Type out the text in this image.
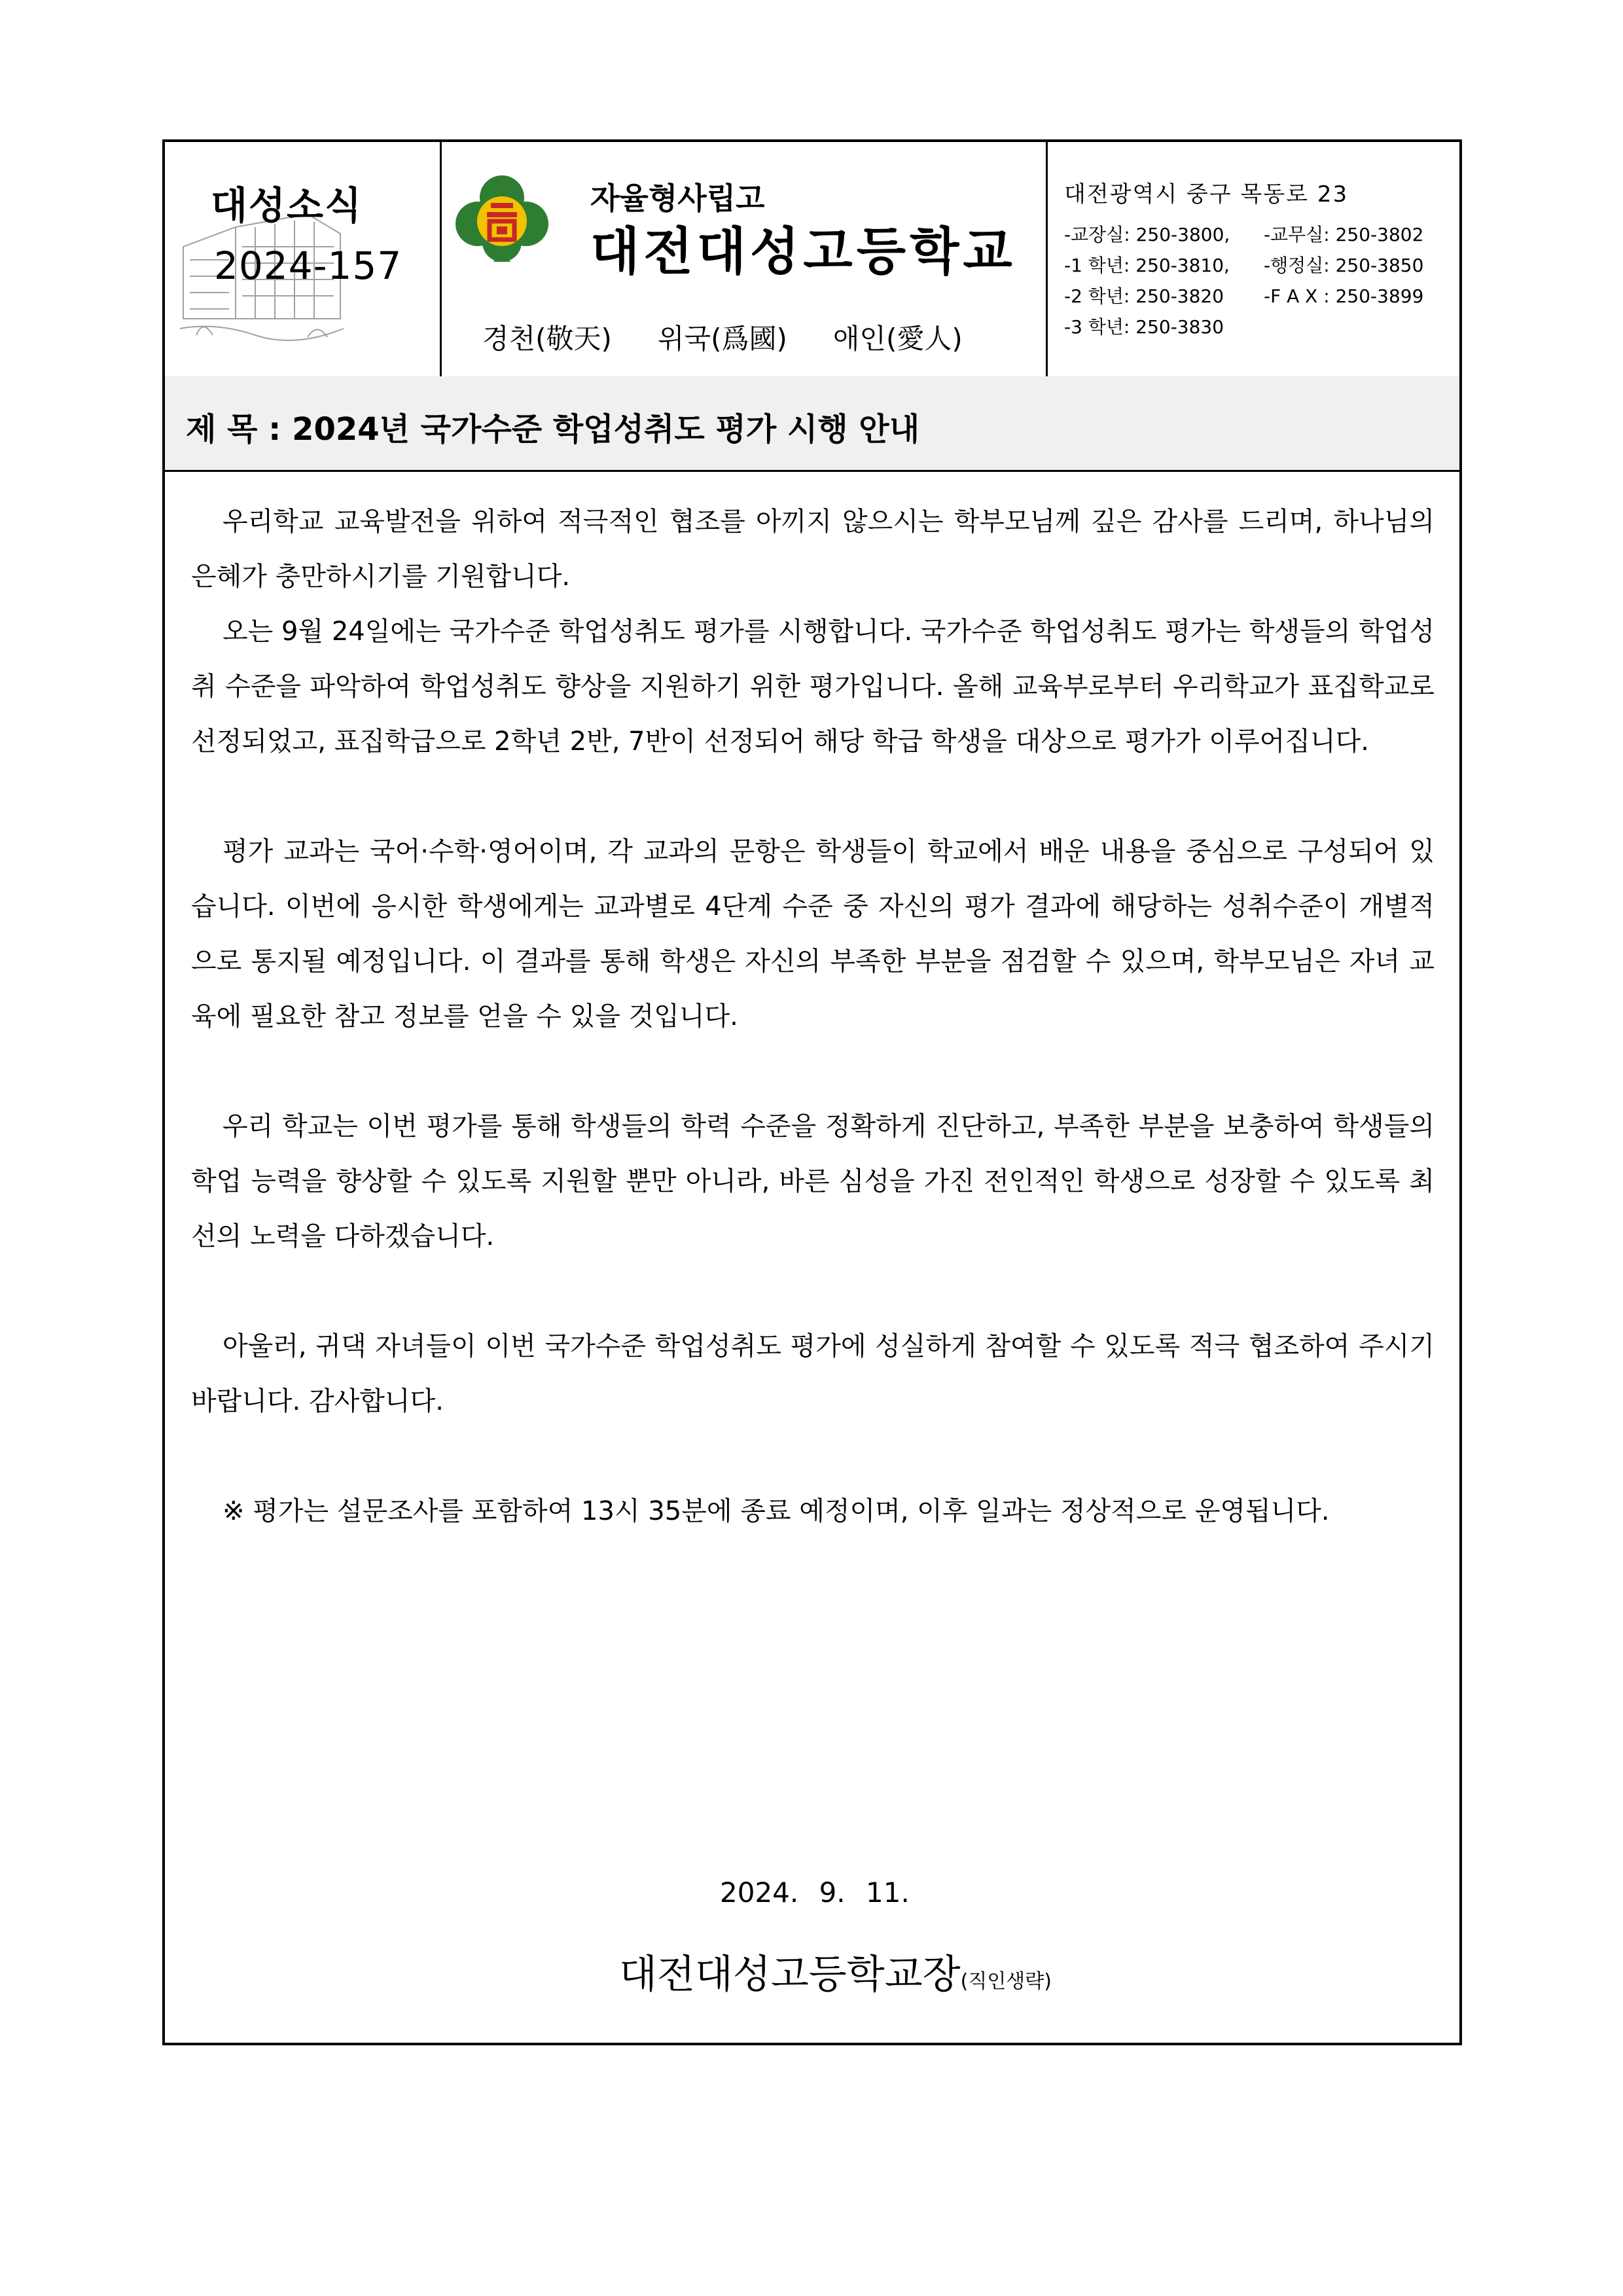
대성소식
2024-157
자율형사립고
대전대성고등학교
경천(敬天) 위국(爲國) 애인(愛人)
대전광역시 중구 목동로 23
-교장실: 250-3800, -교무실: 250-3802
-1 학년: 250-3810, -행정실: 250-3850
-2 학년: 250-3820 -F A X : 250-3899
-3 학년: 250-3830
제 목 : 2024년 국가수준 학업성취도 평가 시행 안내

우리학교 교육발전을 위하여 적극적인 협조를 아끼지 않으시는 학부모님께 깊은 감사를 드리며, 하나님의 은혜가 충만하시기를 기원합니다.

오는 9월 24일에는 국가수준 학업성취도 평가를 시행합니다. 국가수준 학업성취도 평가는 학생들의 학업성취 수준을 파악하여 학업성취도 향상을 지원하기 위한 평가입니다. 올해 교육부로부터 우리학교가 표집학교로 선정되었고, 표집학급으로 2학년 2반, 7반이 선정되어 해당 학급 학생을 대상으로 평가가 이루어집니다.

평가 교과는 국어·수학·영어이며, 각 교과의 문항은 학생들이 학교에서 배운 내용을 중심으로 구성되어 있습니다. 이번에 응시한 학생에게는 교과별로 4단계 수준 중 자신의 평가 결과에 해당하는 성취수준이 개별적으로 통지될 예정입니다. 이 결과를 통해 학생은 자신의 부족한 부분을 점검할 수 있으며, 학부모님은 자녀 교육에 필요한 참고 정보를 얻을 수 있을 것입니다.

우리 학교는 이번 평가를 통해 학생들의 학력 수준을 정확하게 진단하고, 부족한 부분을 보충하여 학생들의 학업 능력을 향상할 수 있도록 지원할 뿐만 아니라, 바른 심성을 가진 전인적인 학생으로 성장할 수 있도록 최선의 노력을 다하겠습니다.

아울러, 귀댁 자녀들이 이번 국가수준 학업성취도 평가에 성실하게 참여할 수 있도록 적극 협조하여 주시기 바랍니다. 감사합니다.

※ 평가는 설문조사를 포함하여 13시 35분에 종료 예정이며, 이후 일과는 정상적으로 운영됩니다.

2024. 9. 11.
대전대성고등학교장(직인생략)
